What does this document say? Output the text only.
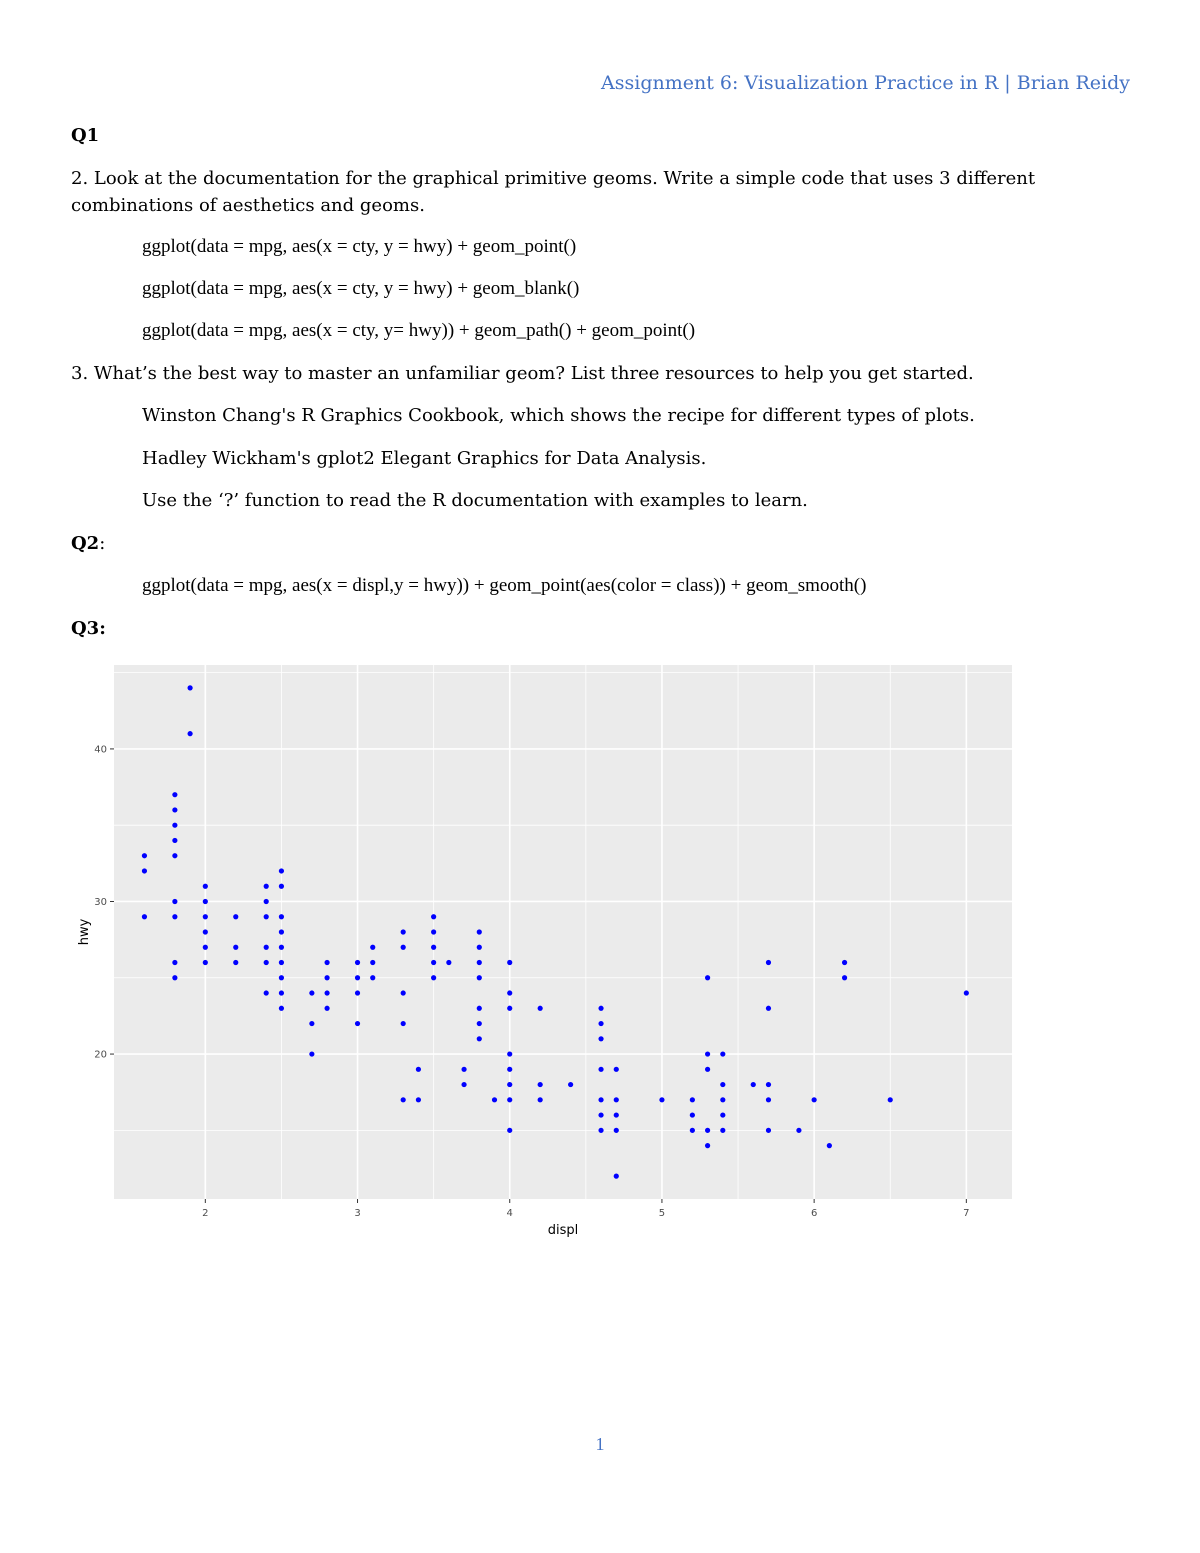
Assignment 6: Visualization Practice in R | Brian Reidy
Q1
2. Look at the documentation for the graphical primitive geoms. Write a simple code that uses 3 different combinations of aesthetics and geoms.
ggplot(data = mpg, aes(x = cty, y = hwy) + geom_point()
ggplot(data = mpg, aes(x = cty, y = hwy) + geom_blank()
ggplot(data = mpg, aes(x = cty, y= hwy)) + geom_path() + geom_point()
3. What’s the best way to master an unfamiliar geom? List three resources to help you get started.
Winston Chang's R Graphics Cookbook, which shows the recipe for different types of plots.
Hadley Wickham's gplot2 Elegant Graphics for Data Analysis.
Use the ‘?’ function to read the R documentation with examples to learn.
Q2:
ggplot(data = mpg, aes(x = displ,y = hwy)) + geom_point(aes(color = class)) + geom_smooth()
Q3:
2	3	4	5	6	7
20
30
40
displ
hwy
1
